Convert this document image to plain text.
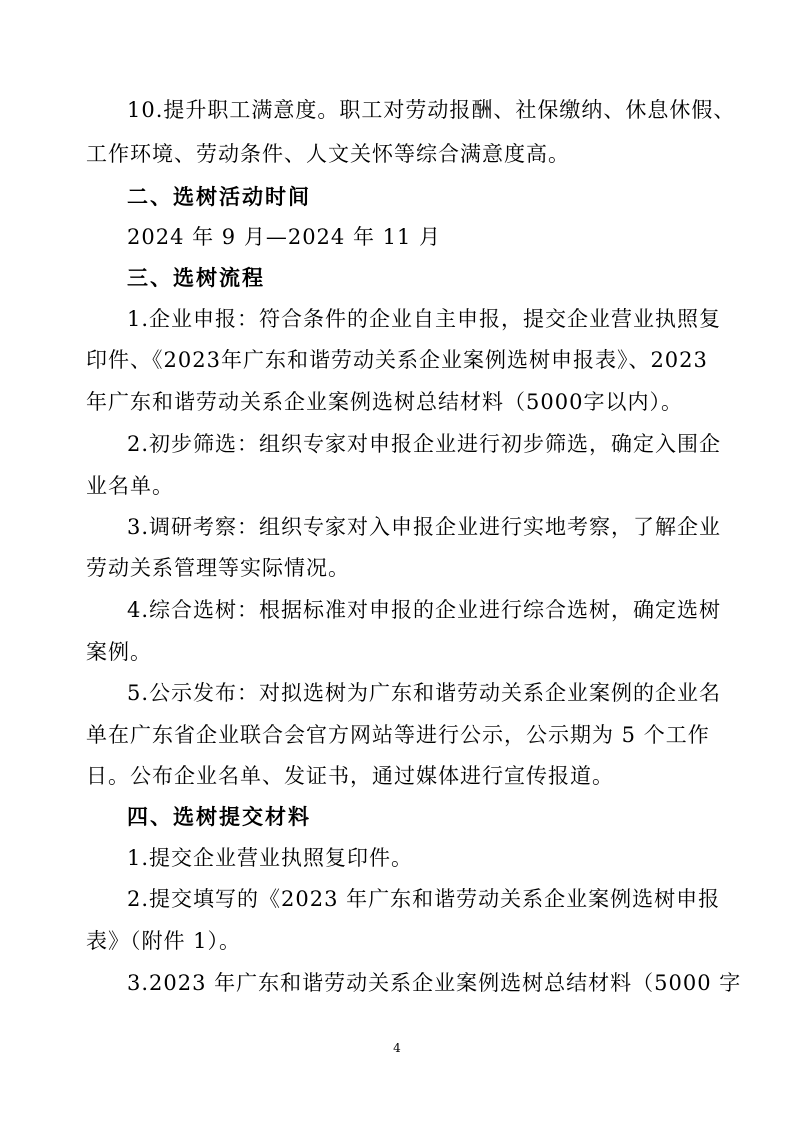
10.提升职工满意度。职工对劳动报酬、社保缴纳、休息休假、
工作环境、劳动条件、人文关怀等综合满意度高。
二、选树活动时间
2024 年 9 月—2024 年 11 月
三、选树流程
1.企业申报：符合条件的企业自主申报，提交企业营业执照复
印件、《2023年广东和谐劳动关系企业案例选树申报表》、2023
年广东和谐劳动关系企业案例选树总结材料（5000字以内）。
2.初步筛选：组织专家对申报企业进行初步筛选，确定入围企
业名单。
3.调研考察：组织专家对入申报企业进行实地考察，了解企业
劳动关系管理等实际情况。
4.综合选树：根据标准对申报的企业进行综合选树，确定选树
案例。
5.公示发布：对拟选树为广东和谐劳动关系企业案例的企业名
单在广东省企业联合会官方网站等进行公示，公示期为 5 个工作
日。公布企业名单、发证书，通过媒体进行宣传报道。
四、选树提交材料
1.提交企业营业执照复印件。
2.提交填写的《2023 年广东和谐劳动关系企业案例选树申报
表》（附件 1）。
3.2023 年广东和谐劳动关系企业案例选树总结材料（5000 字
4
